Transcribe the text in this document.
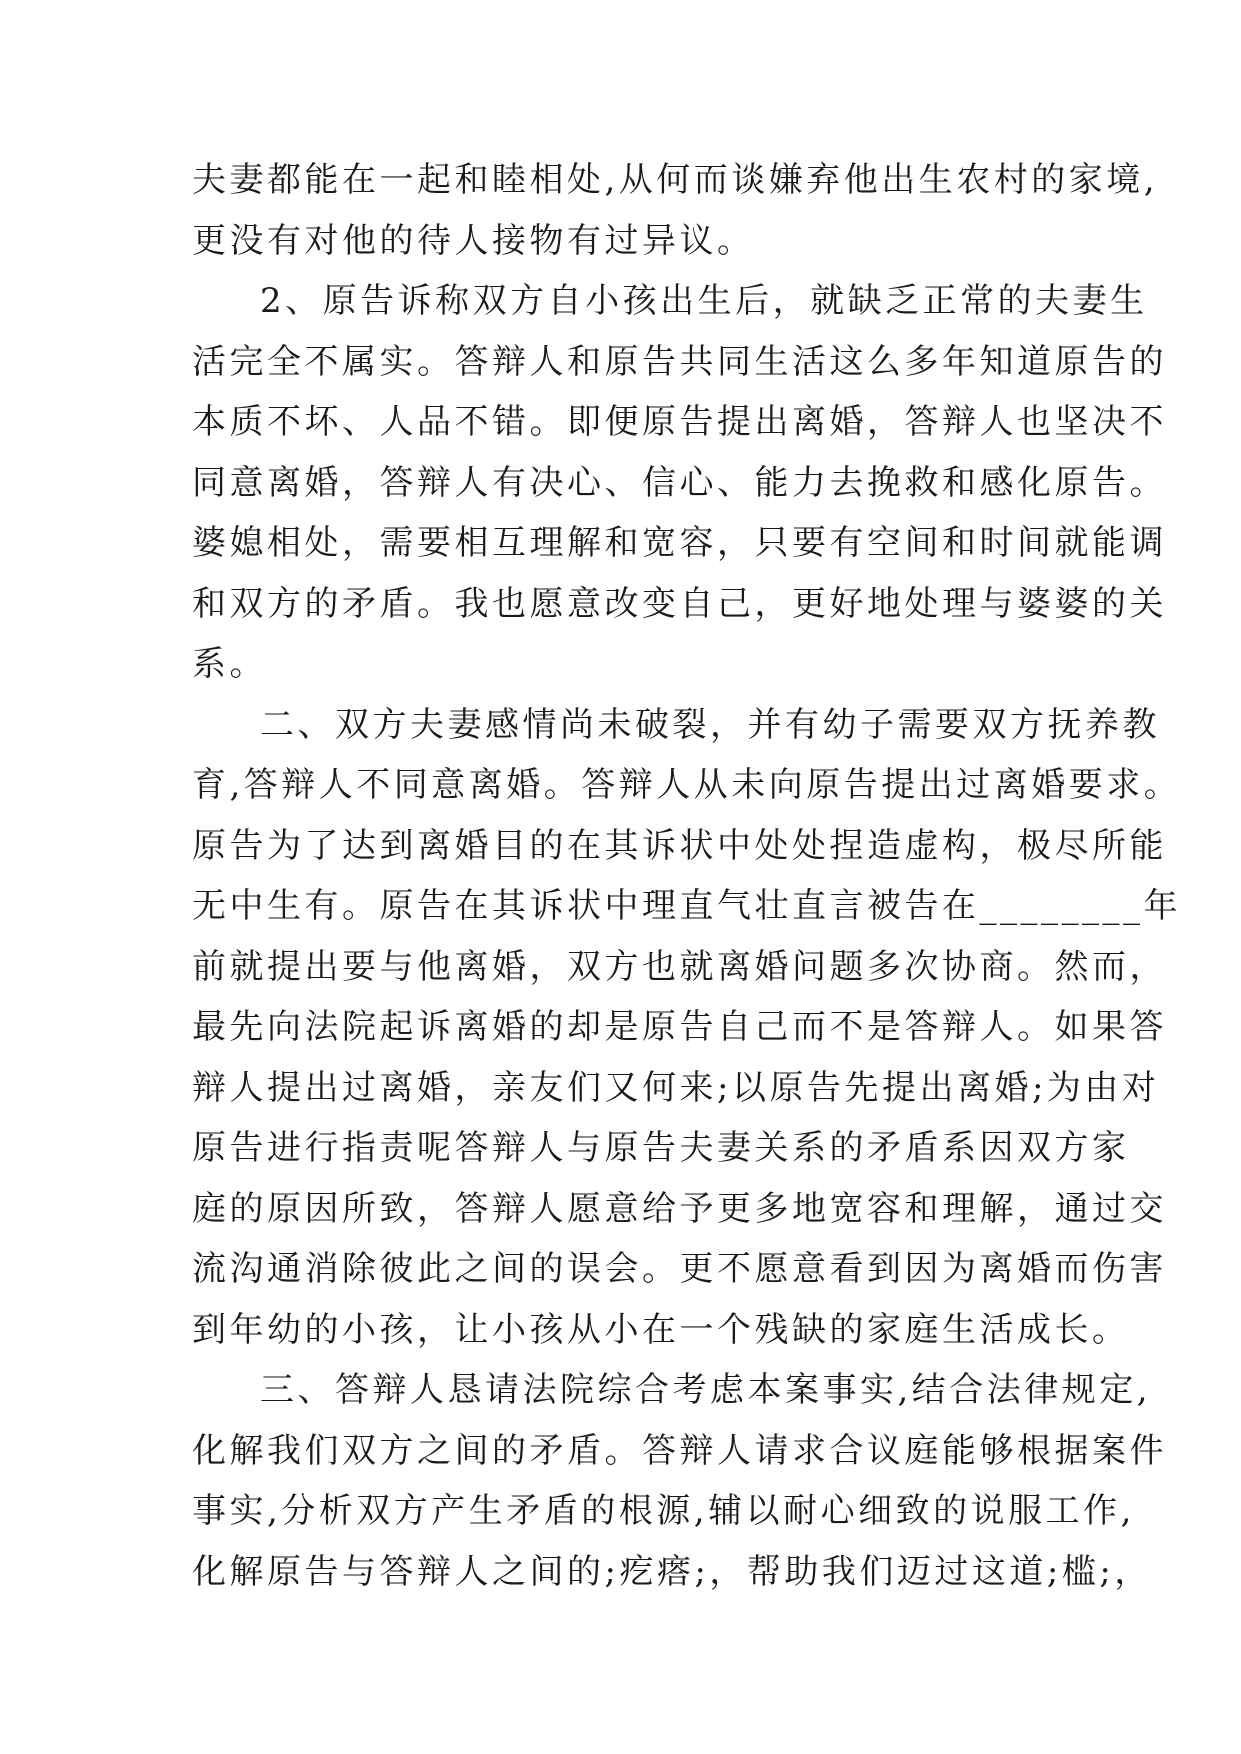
夫妻都能在一起和睦相处,从何而谈嫌弃他出生农村的家境,
更没有对他的待人接物有过异议。
2、原告诉称双方自小孩出生后，就缺乏正常的夫妻生
活完全不属实。答辩人和原告共同生活这么多年知道原告的
本质不坏、人品不错。即便原告提出离婚，答辩人也坚决不
同意离婚，答辩人有决心、信心、能力去挽救和感化原告。
婆媳相处，需要相互理解和宽容，只要有空间和时间就能调
和双方的矛盾。我也愿意改变自己，更好地处理与婆婆的关
系。
二、双方夫妻感情尚未破裂，并有幼子需要双方抚养教
育,答辩人不同意离婚。答辩人从未向原告提出过离婚要求。
原告为了达到离婚目的在其诉状中处处捏造虚构，极尽所能
无中生有。原告在其诉状中理直气壮直言被告在________年
前就提出要与他离婚，双方也就离婚问题多次协商。然而，
最先向法院起诉离婚的却是原告自己而不是答辩人。如果答
辩人提出过离婚，亲友们又何来;以原告先提出离婚;为由对
原告进行指责呢答辩人与原告夫妻关系的矛盾系因双方家
庭的原因所致，答辩人愿意给予更多地宽容和理解，通过交
流沟通消除彼此之间的误会。更不愿意看到因为离婚而伤害
到年幼的小孩，让小孩从小在一个残缺的家庭生活成长。
三、答辩人恳请法院综合考虑本案事实,结合法律规定,
化解我们双方之间的矛盾。答辩人请求合议庭能够根据案件
事实,分析双方产生矛盾的根源,辅以耐心细致的说服工作,
化解原告与答辩人之间的;疙瘩;，帮助我们迈过这道;槛;，
